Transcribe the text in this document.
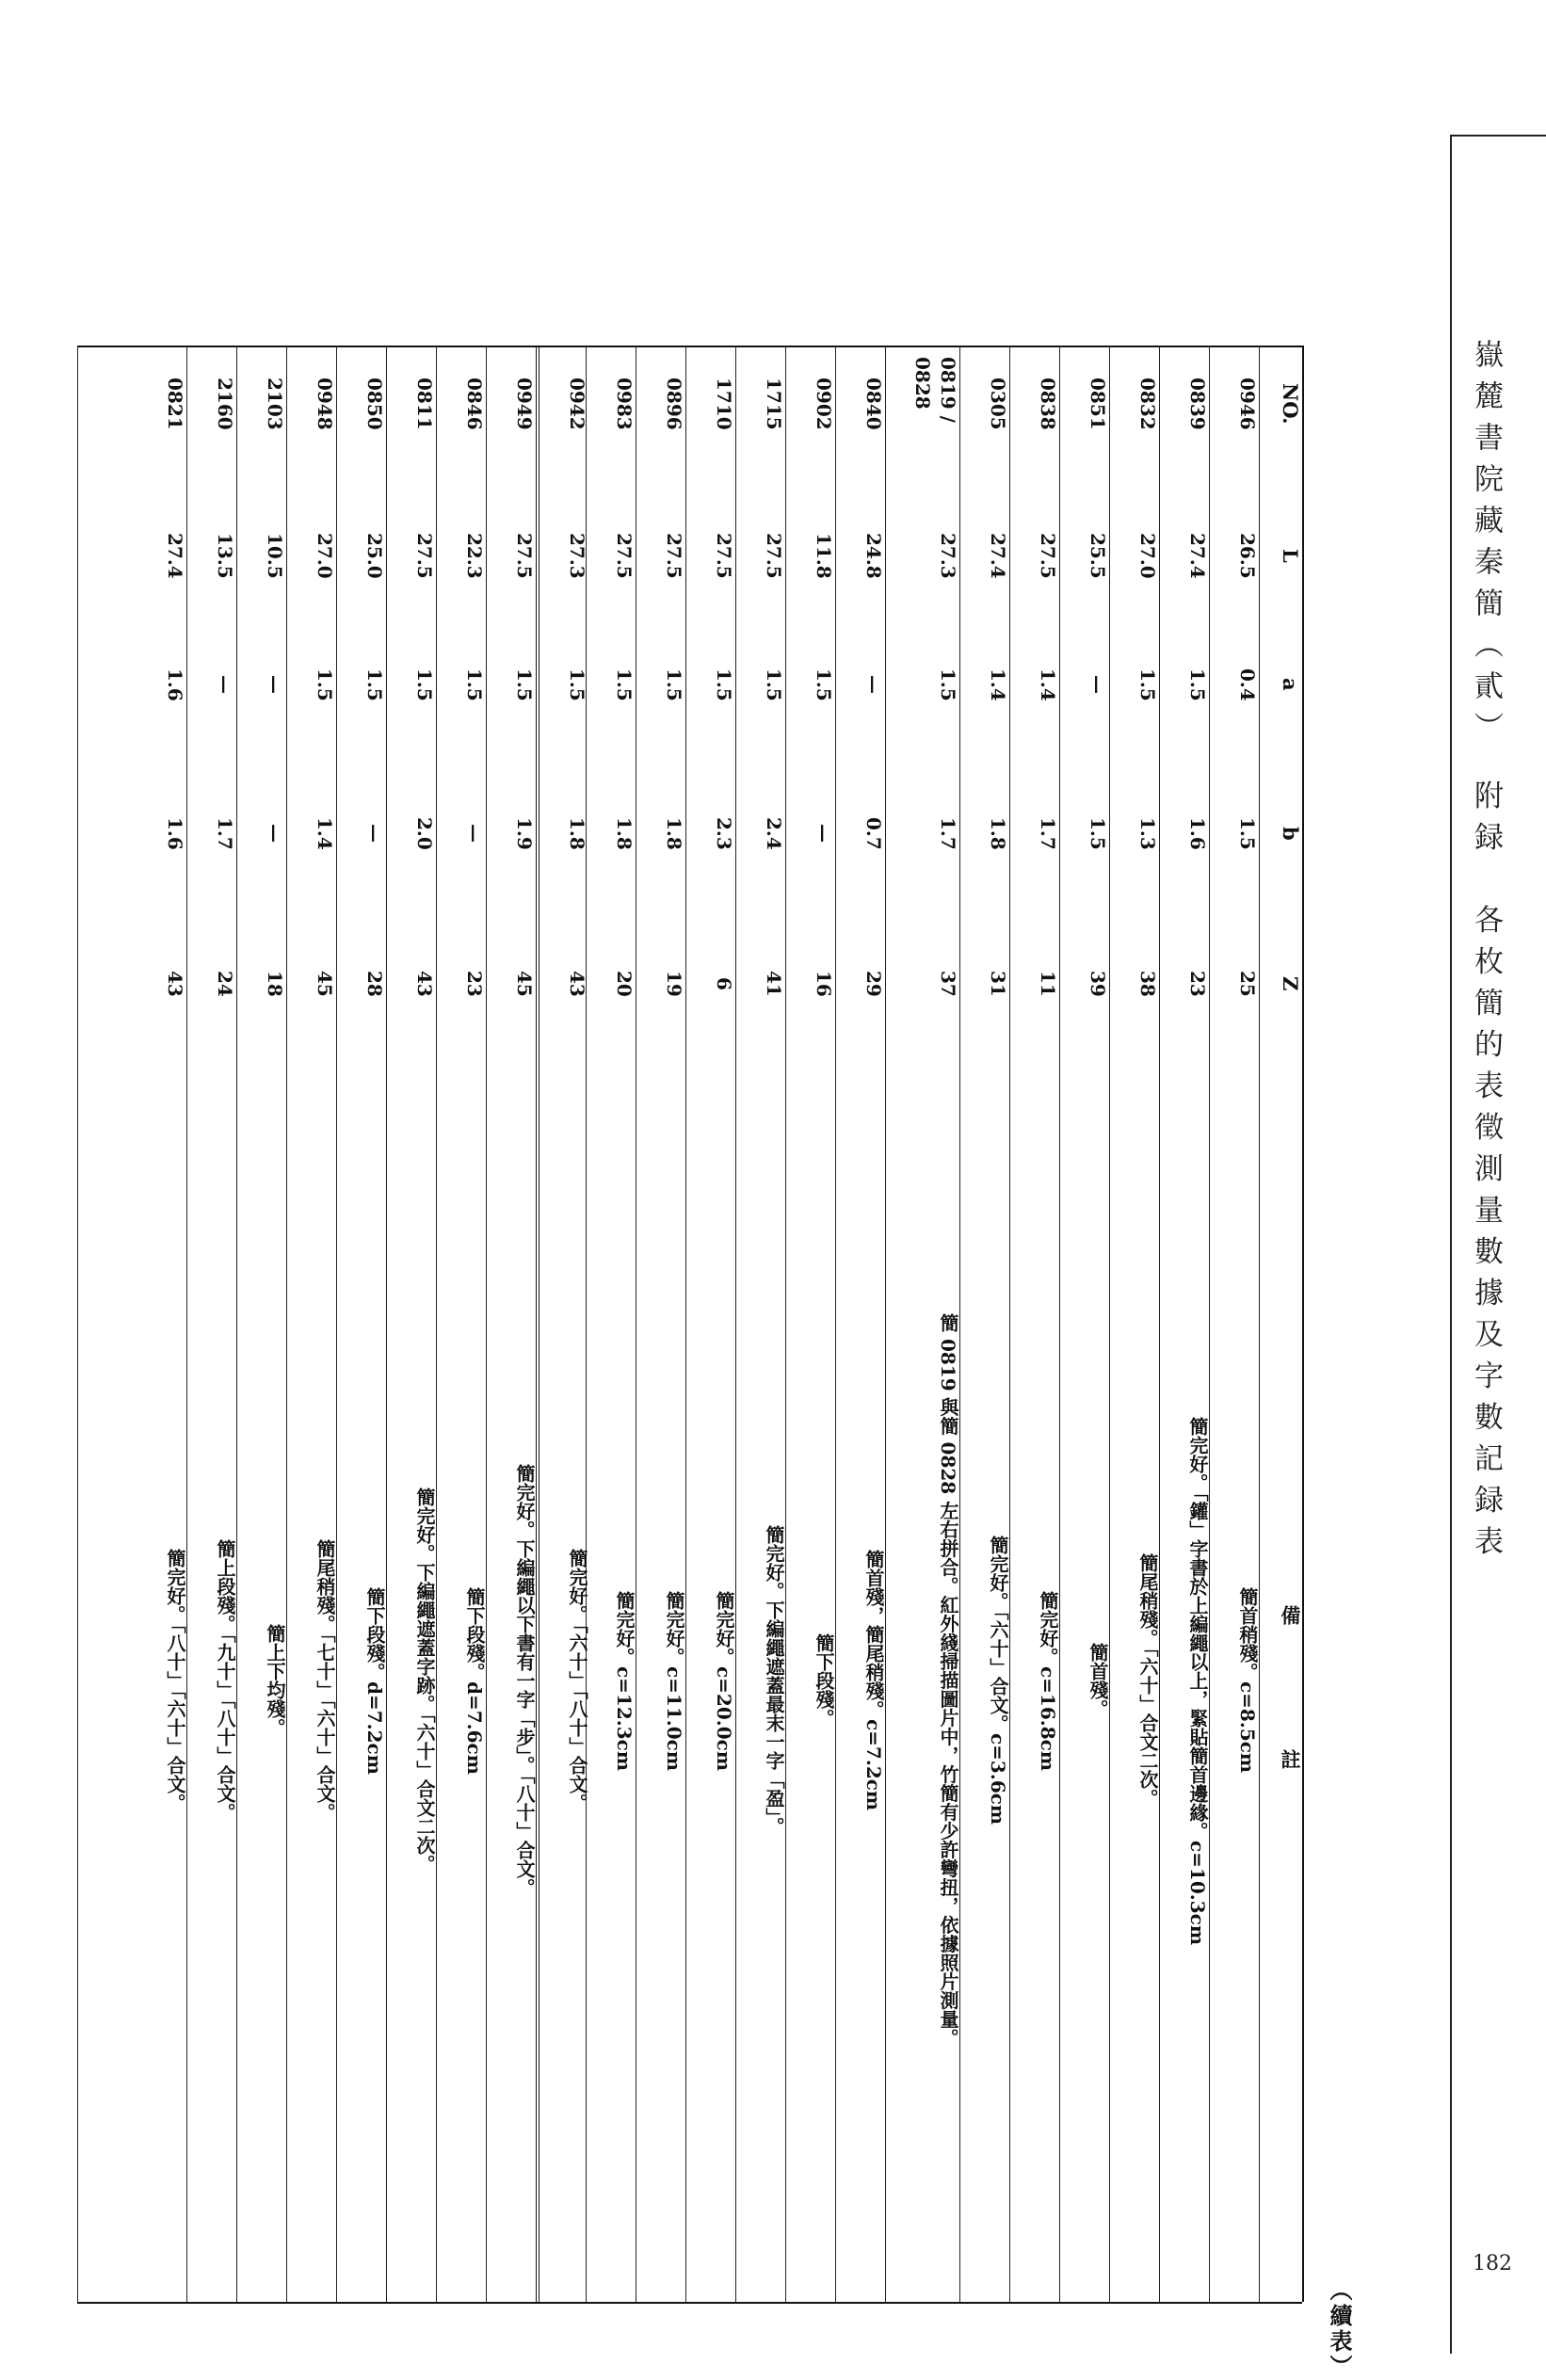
嶽麓書院藏秦簡（貳）　附録　各枚簡的表徵測量數據及字數記録表
182
（續表）
NO.
L
a
b
Z
備　　註
0946
26.5
0.4
1.5
25
簡首稍殘。c=8.5cm
0839
27.4
1.5
1.6
23
簡完好。「鑵」字書於上編繩以上，緊貼簡首邊緣。c=10.3cm
0832
27.0
1.5
1.3
38
簡尾稍殘。「六十」合文二次。
0851
25.5
—
1.5
39
簡首殘。
0838
27.5
1.4
1.7
11
簡完好。c=16.8cm
0305
27.4
1.4
1.8
31
簡完好。「六十」合文。c=3.6cm
0819 / 0828
27.3
1.5
1.7
37
簡 0819 與簡 0828 左右拼合。紅外綫掃描圖片中，竹簡有少許彎扭，依據照片測量。
0840
24.8
—
0.7
29
簡首殘，簡尾稍殘。c=7.2cm
0902
11.8
1.5
—
16
簡下段殘。
1715
27.5
1.5
2.4
41
簡完好。下編繩遮蓋最末一字「盈」。
1710
27.5
1.5
2.3
6
簡完好。c=20.0cm
0896
27.5
1.5
1.8
19
簡完好。c=11.0cm
0983
27.5
1.5
1.8
20
簡完好。c=12.3cm
0942
27.3
1.5
1.8
43
簡完好。「六十」「八十」合文。
0949
27.5
1.5
1.9
45
簡完好。下編繩以下書有一字「步」。「八十」合文。
0846
22.3
1.5
—
23
簡下段殘。d=7.6cm
0811
27.5
1.5
2.0
43
簡完好。下編繩遮蓋字跡。「六十」合文二次。
0850
25.0
1.5
—
28
簡下段殘。d=7.2cm
0948
27.0
1.5
1.4
45
簡尾稍殘。「七十」「六十」合文。
2103
10.5
—
—
18
簡上下均殘。
2160
13.5
—
1.7
24
簡上段殘。「九十」「八十」合文。
0821
27.4
1.6
1.6
43
簡完好。「八十」「六十」合文。
